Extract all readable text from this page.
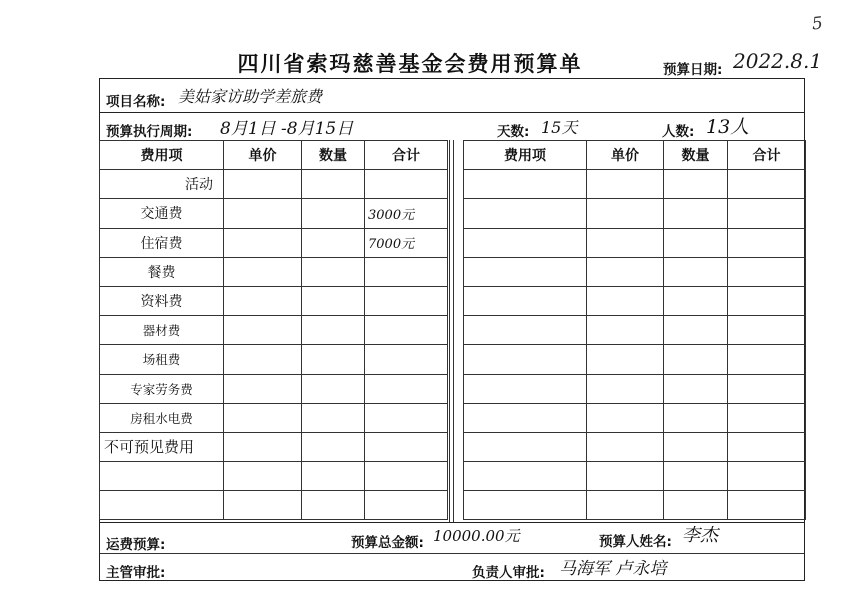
5
四川省索玛慈善基金会费用预算单	预算日期: 2022.8.1
项目名称: 美姑家访助学差旅费
预算执行周期: 8月1日 -8月15日	天数: 15天	人数: 13人
费用项	单价	数量	合计
活动			
交通费			3000元
住宿费			7000元
餐费			
资料费			
器材费			
场租费			
专家劳务费			
房租水电费			
不可预见费用			

费用项	单价	数量	合计

运费预算:	预算总金额: 10000.00元	预算人姓名: 李杰
主管审批:	负责人审批: 马海军 卢永培
